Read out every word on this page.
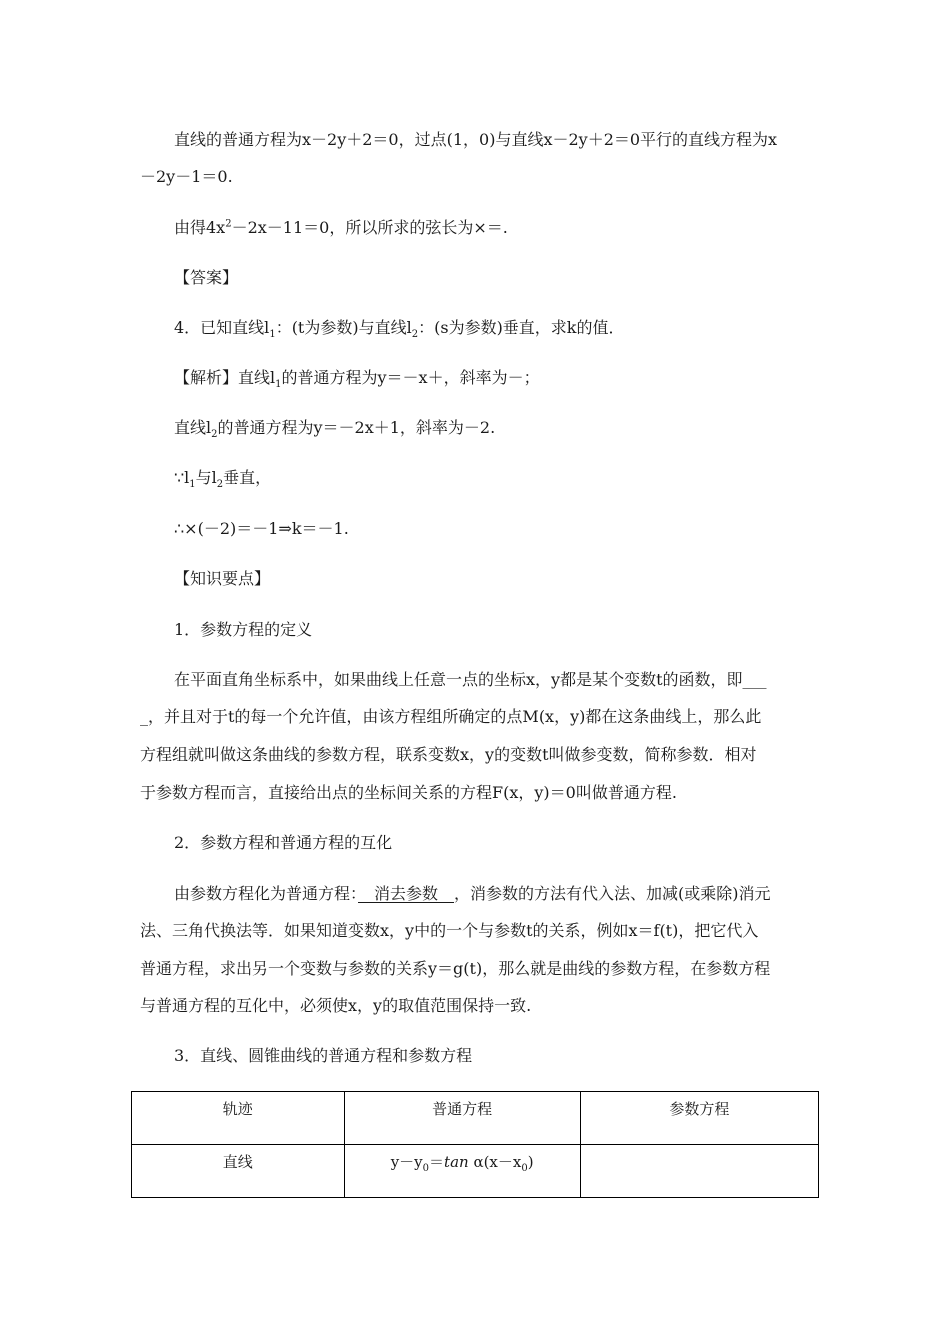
直线的普通方程为x－2y＋2＝0，过点(1，0)与直线x－2y＋2＝0平行的直线方程为x
－2y－1＝0.
由得$4x^2-2x-11=0$，所以所求的弦长为×＝.
【答案】
4．已知直线$l_1$：(t为参数)与直线$l_2$：(s为参数)垂直，求k的值．
【解析】直线$l_1$的普通方程为y＝－x＋，斜率为－；
直线$l_2$的普通方程为y＝－2x＋1，斜率为－2.
$\because l_1$与$l_2$垂直，
∴×(－2)＝－1⇒k＝－1.
【知识要点】
1．参数方程的定义
在平面直角坐标系中，如果曲线上任意一点的坐标x，y都是某个变数t的函数，即___
_，并且对于t的每一个允许值，由该方程组所确定的点M(x，y)都在这条曲线上，那么此
方程组就叫做这条曲线的参数方程，联系变数x，y的变数t叫做参变数，简称参数．相对
于参数方程而言，直接给出点的坐标间关系的方程F(x，y)＝0叫做普通方程.
2．参数方程和普通方程的互化
由参数方程化为普通方程：　消去参数　，消参数的方法有代入法、加减(或乘除)消元
法、三角代换法等．如果知道变数x，y中的一个与参数t的关系，例如x＝f(t)，把它代入
普通方程，求出另一个变数与参数的关系y＝g(t)，那么就是曲线的参数方程，在参数方程
与普通方程的互化中，必须使x，y的取值范围保持一致.
3．直线、圆锥曲线的普通方程和参数方程
轨迹	普通方程	参数方程
直线	$y-y_0=\tan$ $\alpha(x-x_0)$	
